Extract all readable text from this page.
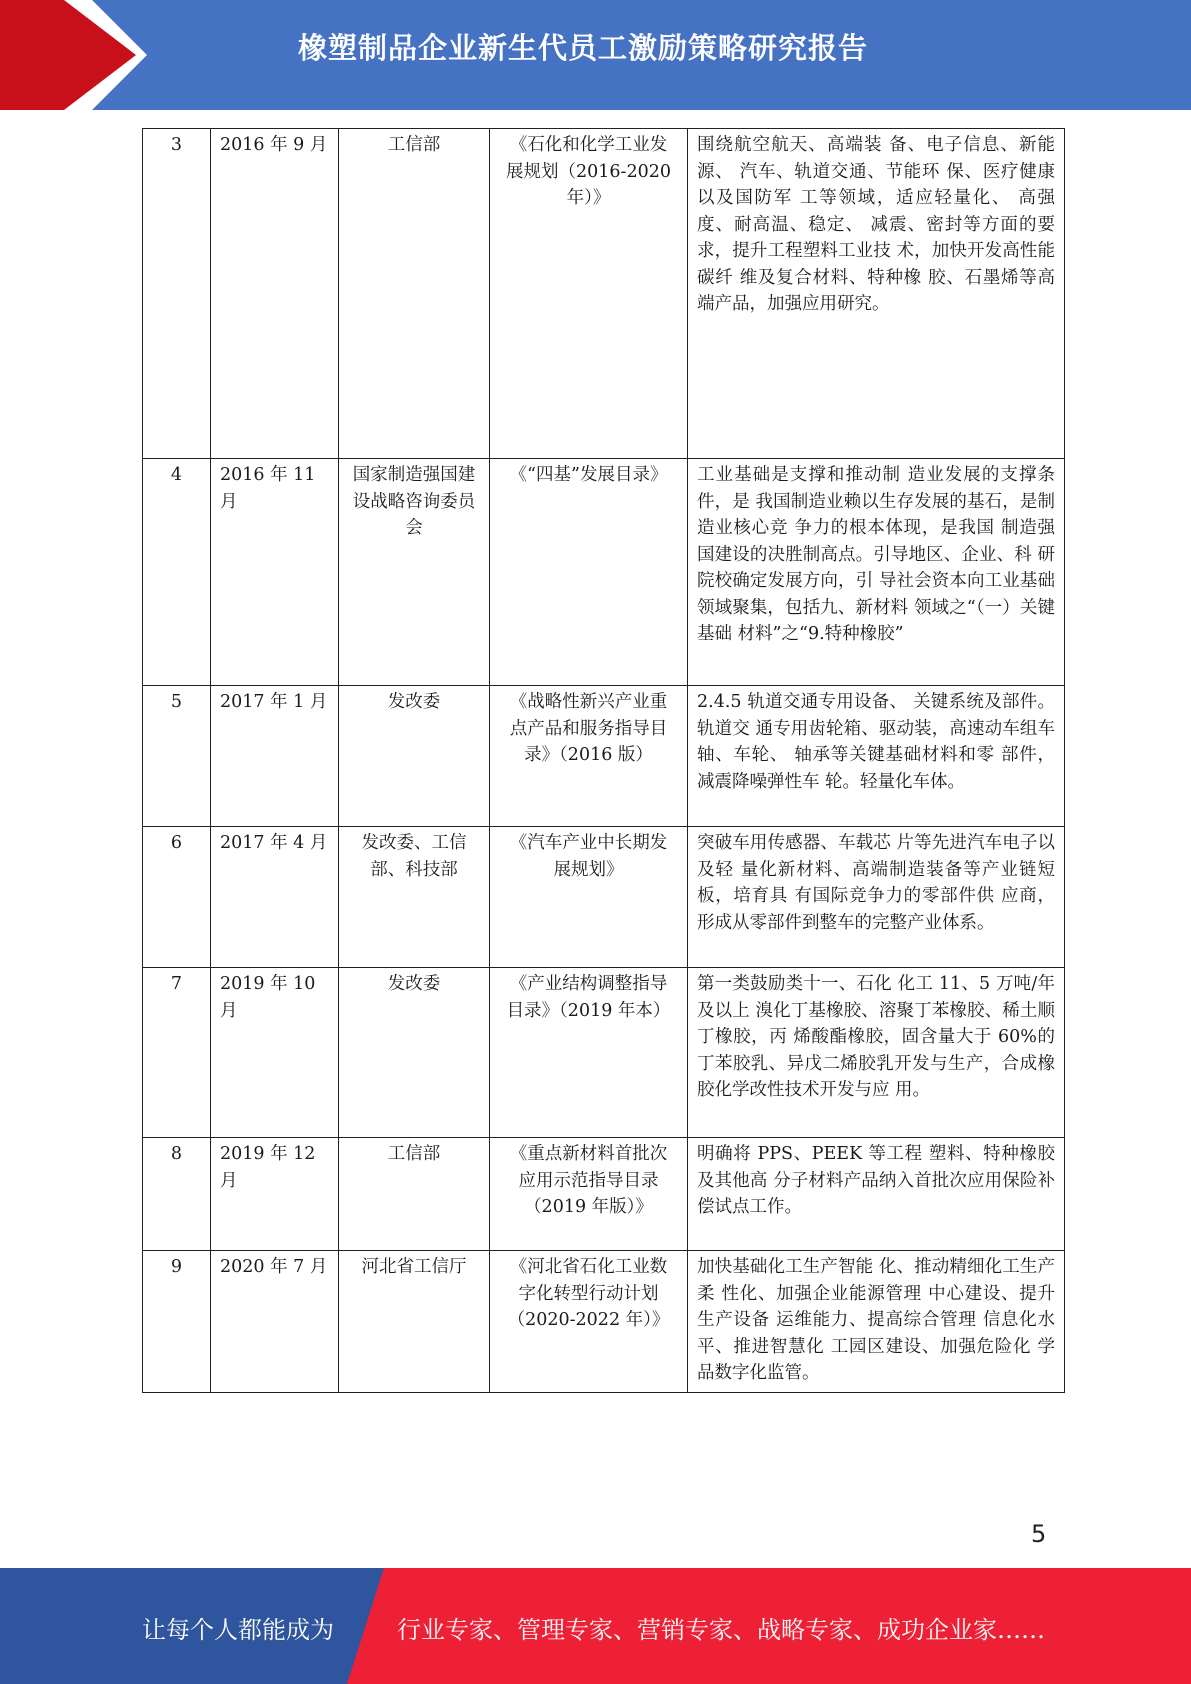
橡塑制品企业新生代员工激励策略研究报告
3	2016 年 9 月	工信部	《石化和化学工业发 展规划（2016-2020 年）》	围绕航空航天、高端装 备、电子信息、新能源、 汽车、轨道交通、节能环 保、医疗健康以及国防军 工等领域，适应轻量化、 高强度、耐高温、稳定、 减震、密封等方面的要 求，提升工程塑料工业技 术，加快开发高性能碳纤 维及复合材料、特种橡 胶、石墨烯等高端产品，加强应用研究。
4	2016 年 11 月	国家制造强国建 设战略咨询委员 会	《“四基”发展目录》	工业基础是支撑和推动制 造业发展的支撑条件，是 我国制造业赖以生存发展的基石，是制造业核心竞 争力的根本体现，是我国 制造强国建设的决胜制高点。引导地区、企业、科 研院校确定发展方向，引 导社会资本向工业基础领域聚集，包括九、新材料 领域之“（一）关键基础 材料”之“9.特种橡胶”
5	2017 年 1 月	发改委	《战略性新兴产业重 点产品和服务指导目 录》（2016 版）	2.4.5 轨道交通专用设备、 关键系统及部件。轨道交 通专用齿轮箱、驱动装，高速动车组车轴、车轮、 轴承等关键基础材料和零 部件，减震降噪弹性车 轮。轻量化车体。
6	2017 年 4 月	发改委、工信部、科技部	《汽车产业中长期发 展规划》	突破车用传感器、车载芯 片等先进汽车电子以及轻 量化新材料、高端制造装备等产业链短板，培育具 有国际竞争力的零部件供 应商，形成从零部件到整车的完整产业体系。
7	2019 年 10 月	发改委	《产业结构调整指导 目录》（2019 年本）	第一类鼓励类十一、石化 化工 11、5 万吨/年及以上 溴化丁基橡胶、溶聚丁苯橡胶、稀土顺丁橡胶，丙 烯酸酯橡胶，固含量大于 60%的丁苯胶乳、异戊二烯胶乳开发与生产，合成橡 胶化学改性技术开发与应 用。
8	2019 年 12 月	工信部	《重点新材料首批次 应用示范指导目录（2019 年版）》	明确将 PPS、PEEK 等工程 塑料、特种橡胶及其他高 分子材料产品纳入首批次应用保险补偿试点工作。
9	2020 年 7 月	河北省工信厅	《河北省石化工业数 字化转型行动计划 （2020-2022 年）》	加快基础化工生产智能 化、推动精细化工生产柔 性化、加强企业能源管理 中心建设、提升生产设备 运维能力、提高综合管理 信息化水平、推进智慧化 工园区建设、加强危险化 学品数字化监管。
5
让每个人都能成为	行业专家、管理专家、营销专家、战略专家、成功企业家……
